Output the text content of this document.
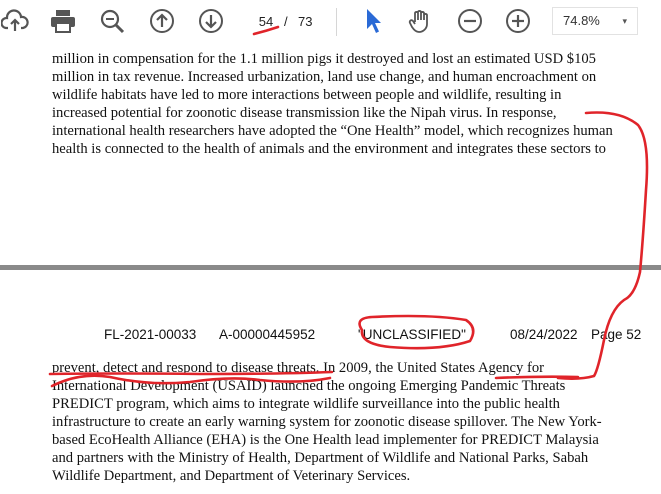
54 / 73	74.8%	▾
million in compensation for the 1.1 million pigs it destroyed and lost an estimated USD $105
million in tax revenue. Increased urbanization, land use change, and human encroachment on
wildlife habitats have led to more interactions between people and wildlife, resulting in
increased potential for zoonotic disease transmission like the Nipah virus. In response,
international health researchers have adopted the “One Health” model, which recognizes human
health is connected to the health of animals and the environment and integrates these sectors to
FL-2021-00033 A-00000445952	"UNCLASSIFIED"	08/24/2022 Page 52
prevent, detect and respond to disease threats. In 2009, the United States Agency for
International Development (USAID) launched the ongoing Emerging Pandemic Threats
PREDICT program, which aims to integrate wildlife surveillance into the public health
infrastructure to create an early warning system for zoonotic disease spillover. The New York-
based EcoHealth Alliance (EHA) is the One Health lead implementer for PREDICT Malaysia
and partners with the Ministry of Health, Department of Wildlife and National Parks, Sabah
Wildlife Department, and Department of Veterinary Services.
